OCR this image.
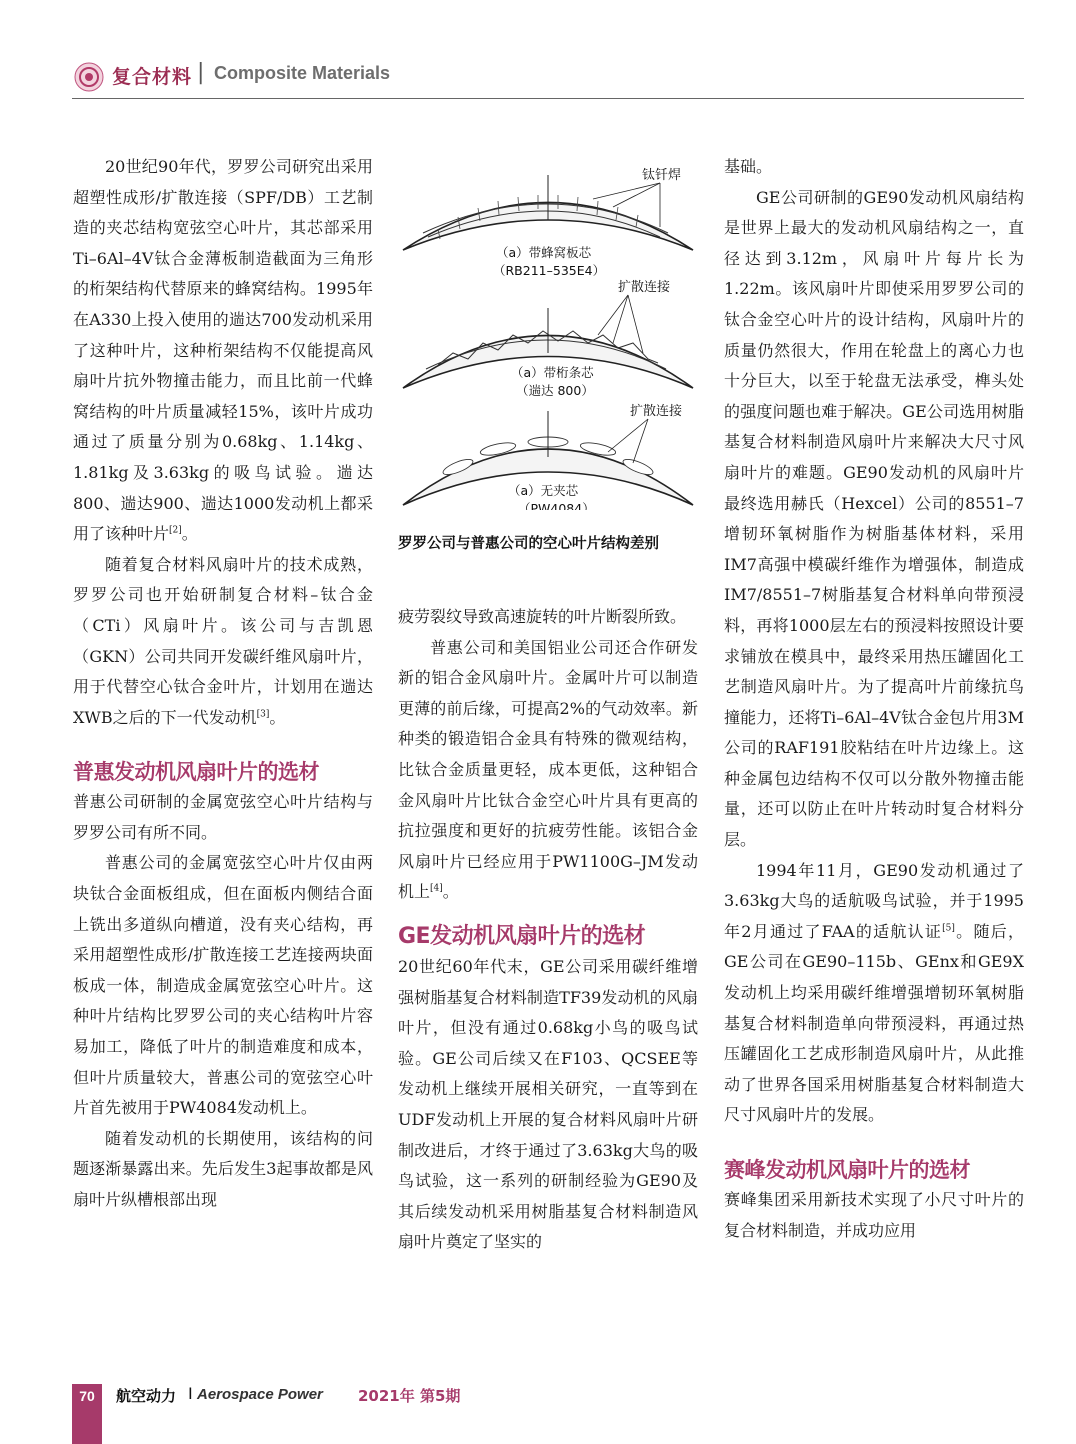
复合材料 | Composite Materials

20世纪90年代，罗罗公司研究出采用超塑性成形/扩散连接（SPF/DB）工艺制造的夹芯结构宽弦空心叶片，其芯部采用Ti–6Al–4V钛合金薄板制造截面为三角形的桁架结构代替原来的蜂窝结构。1995年在A330上投入使用的遄达700发动机采用了这种叶片，这种桁架结构不仅能提高风扇叶片抗外物撞击能力，而且比前一代蜂窝结构的叶片质量减轻15%，该叶片成功通过了质量分别为0.68kg、1.14kg、1.81kg及3.63kg的吸鸟试验。遄达800、遄达900、遄达1000发动机上都采用了该种叶片[2]。

随着复合材料风扇叶片的技术成熟，罗罗公司也开始研制复合材料–钛合金（CTi）风扇叶片。该公司与吉凯恩（GKN）公司共同开发碳纤维风扇叶片，用于代替空心钛合金叶片，计划用在遄达XWB之后的下一代发动机[3]。

普惠发动机风扇叶片的选材

普惠公司研制的金属宽弦空心叶片结构与罗罗公司有所不同。

普惠公司的金属宽弦空心叶片仅由两块钛合金面板组成，但在面板内侧结合面上铣出多道纵向槽道，没有夹心结构，再采用超塑性成形/扩散连接工艺连接两块面板成一体，制造成金属宽弦空心叶片。这种叶片结构比罗罗公司的夹心结构叶片容易加工，降低了叶片的制造难度和成本，但叶片质量较大，普惠公司的宽弦空心叶片首先被用于PW4084发动机上。

随着发动机的长期使用，该结构的问题逐渐暴露出来。先后发生3起事故都是风扇叶片纵槽根部出现

钛钎焊
（a）带蜂窝板芯
（RB211–535E4）
扩散连接
（a）带桁条芯
（遄达 800）
扩散连接
（a）无夹芯
（PW4084）
罗罗公司与普惠公司的空心叶片结构差别

疲劳裂纹导致高速旋转的叶片断裂所致。

普惠公司和美国铝业公司还合作研发新的铝合金风扇叶片。金属叶片可以制造更薄的前后缘，可提高2%的气动效率。新种类的锻造铝合金具有特殊的微观结构，比钛合金质量更轻，成本更低，这种铝合金风扇叶片比钛合金空心叶片具有更高的抗拉强度和更好的抗疲劳性能。该铝合金风扇叶片已经应用于PW1100G–JM发动机上[4]。

GE发动机风扇叶片的选材

20世纪60年代末，GE公司采用碳纤维增强树脂基复合材料制造TF39发动机的风扇叶片，但没有通过0.68kg小鸟的吸鸟试验。GE公司后续又在F103、QCSEE等发动机上继续开展相关研究，一直等到在UDF发动机上开展的复合材料风扇叶片研制改进后，才终于通过了3.63kg大鸟的吸鸟试验，这一系列的研制经验为GE90及其后续发动机采用树脂基复合材料制造风扇叶片奠定了坚实的

基础。

GE公司研制的GE90发动机风扇结构是世界上最大的发动机风扇结构之一，直径达到3.12m，风扇叶片每片长为1.22m。该风扇叶片即使采用罗罗公司的钛合金空心叶片的设计结构，风扇叶片的质量仍然很大，作用在轮盘上的离心力也十分巨大，以至于轮盘无法承受，榫头处的强度问题也难于解决。GE公司选用树脂基复合材料制造风扇叶片来解决大尺寸风扇叶片的难题。GE90发动机的风扇叶片最终选用赫氏（Hexcel）公司的8551–7增韧环氧树脂作为树脂基体材料，采用IM7高强中模碳纤维作为增强体，制造成IM7/8551–7树脂基复合材料单向带预浸料，再将1000层左右的预浸料按照设计要求铺放在模具中，最终采用热压罐固化工艺制造风扇叶片。为了提高叶片前缘抗鸟撞能力，还将Ti–6Al–4V钛合金包片用3M公司的RAF191胶粘结在叶片边缘上。这种金属包边结构不仅可以分散外物撞击能量，还可以防止在叶片转动时复合材料分层。

1994年11月，GE90发动机通过了3.63kg大鸟的适航吸鸟试验，并于1995年2月通过了FAA的适航认证[5]。随后，GE公司在GE90–115b、GEnx和GE9X发动机上均采用碳纤维增强增韧环氧树脂基复合材料制造单向带预浸料，再通过热压罐固化工艺成形制造风扇叶片，从此推动了世界各国采用树脂基复合材料制造大尺寸风扇叶片的发展。

赛峰发动机风扇叶片的选材

赛峰集团采用新技术实现了小尺寸叶片的复合材料制造，并成功应用

70	航空动力 I Aerospace Power 2021年 第5期
